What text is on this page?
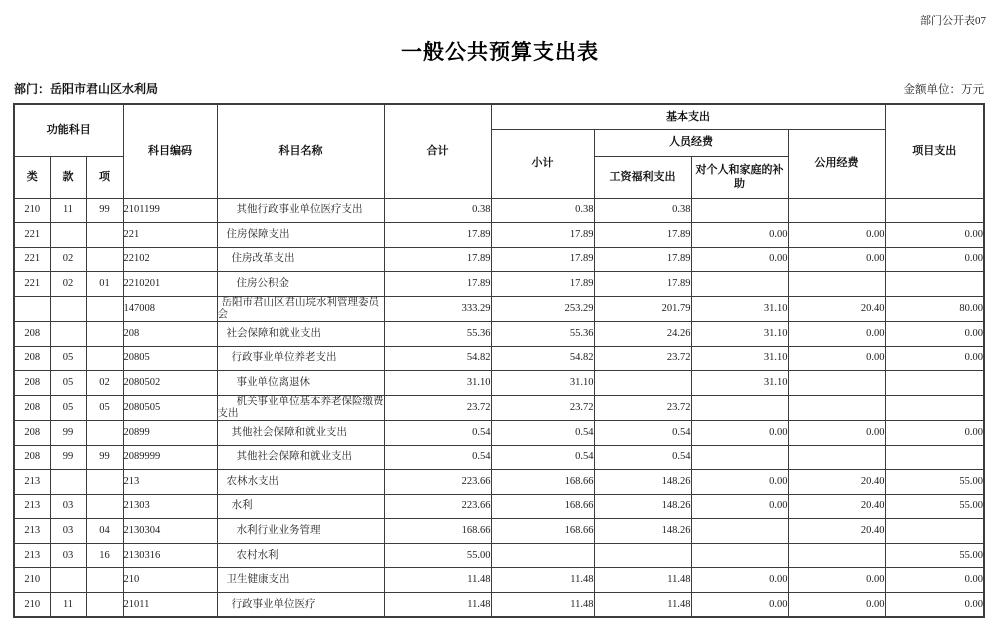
部门公开表07
一般公共预算支出表
部门：岳阳市君山区水利局	金额单位：万元
功能科目			科目编码	科目名称	合计	基本支出				项目支出
						小计	人员经费		公用经费	
类	款	项					工资福利支出	对个人和家庭的补助		
210	11	99	2101199	其他行政事业单位医疗支出	0.38	0.38	0.38			
221			221	住房保障支出	17.89	17.89	17.89	0.00	0.00	0.00
221	02		22102	住房改革支出	17.89	17.89	17.89	0.00	0.00	0.00
221	02	01	2210201	住房公积金	17.89	17.89	17.89			
			147008	岳阳市君山区君山垸水利管理委员会	333.29	253.29	201.79	31.10	20.40	80.00
208			208	社会保障和就业支出	55.36	55.36	24.26	31.10	0.00	0.00
208	05		20805	行政事业单位养老支出	54.82	54.82	23.72	31.10	0.00	0.00
208	05	02	2080502	事业单位离退休	31.10	31.10		31.10		
208	05	05	2080505	机关事业单位基本养老保险缴费支出	23.72	23.72	23.72			
208	99		20899	其他社会保障和就业支出	0.54	0.54	0.54	0.00	0.00	0.00
208	99	99	2089999	其他社会保障和就业支出	0.54	0.54	0.54			
213			213	农林水支出	223.66	168.66	148.26	0.00	20.40	55.00
213	03		21303	水利	223.66	168.66	148.26	0.00	20.40	55.00
213	03	04	2130304	水利行业业务管理	168.66	168.66	148.26		20.40	
213	03	16	2130316	农村水利	55.00					55.00
210			210	卫生健康支出	11.48	11.48	11.48	0.00	0.00	0.00
210	11		21011	行政事业单位医疗	11.48	11.48	11.48	0.00	0.00	0.00
